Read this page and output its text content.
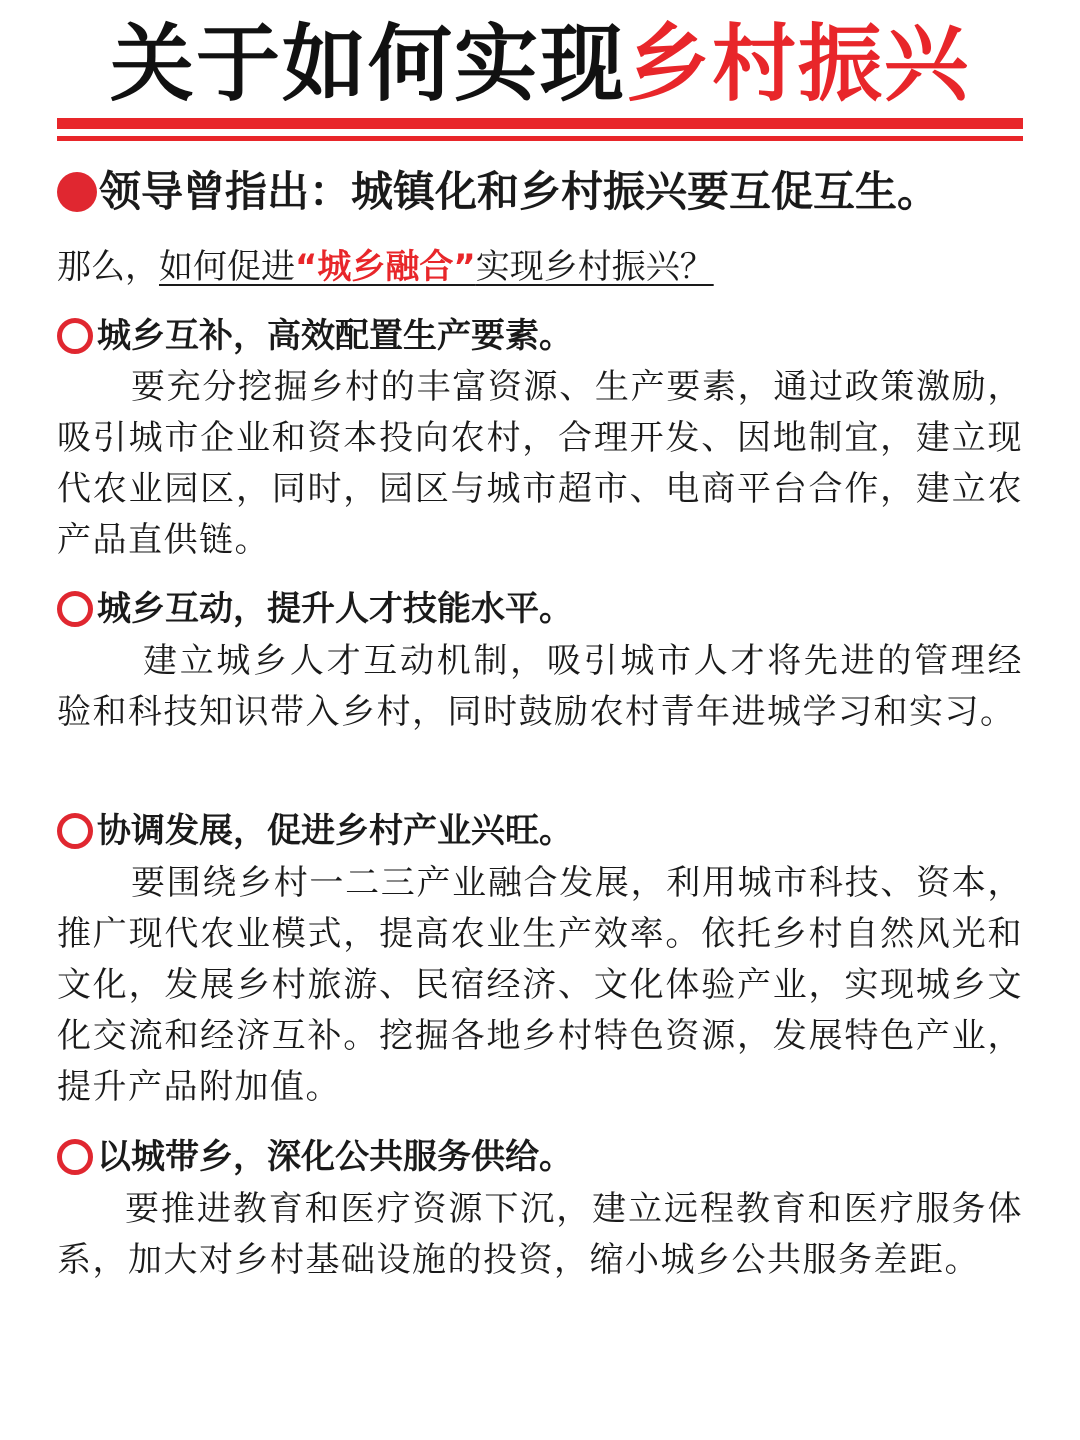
关于如何实现乡村振兴
领导曾指出：城镇化和乡村振兴要互促互生。
那么，如何促进“城乡融合”实现乡村振兴？
城乡互补，高效配置生产要素。

要充分挖掘乡村的丰富资源、生产要素，通过政策激励，吸引城市企业和资本投向农村，合理开发、因地制宜，建立现代农业园区，同时，园区与城市超市、电商平台合作，建立农产品直供链。

城乡互动，提升人才技能水平。

建立城乡人才互动机制，吸引城市人才将先进的管理经验和科技知识带入乡村，同时鼓励农村青年进城学习和实习。

协调发展，促进乡村产业兴旺。

要围绕乡村一二三产业融合发展，利用城市科技、资本，推广现代农业模式，提高农业生产效率。依托乡村自然风光和文化，发展乡村旅游、民宿经济、文化体验产业，实现城乡文化交流和经济互补。挖掘各地乡村特色资源，发展特色产业，提升产品附加值。

以城带乡，深化公共服务供给。

要推进教育和医疗资源下沉，建立远程教育和医疗服务体系，加大对乡村基础设施的投资，缩小城乡公共服务差距。
